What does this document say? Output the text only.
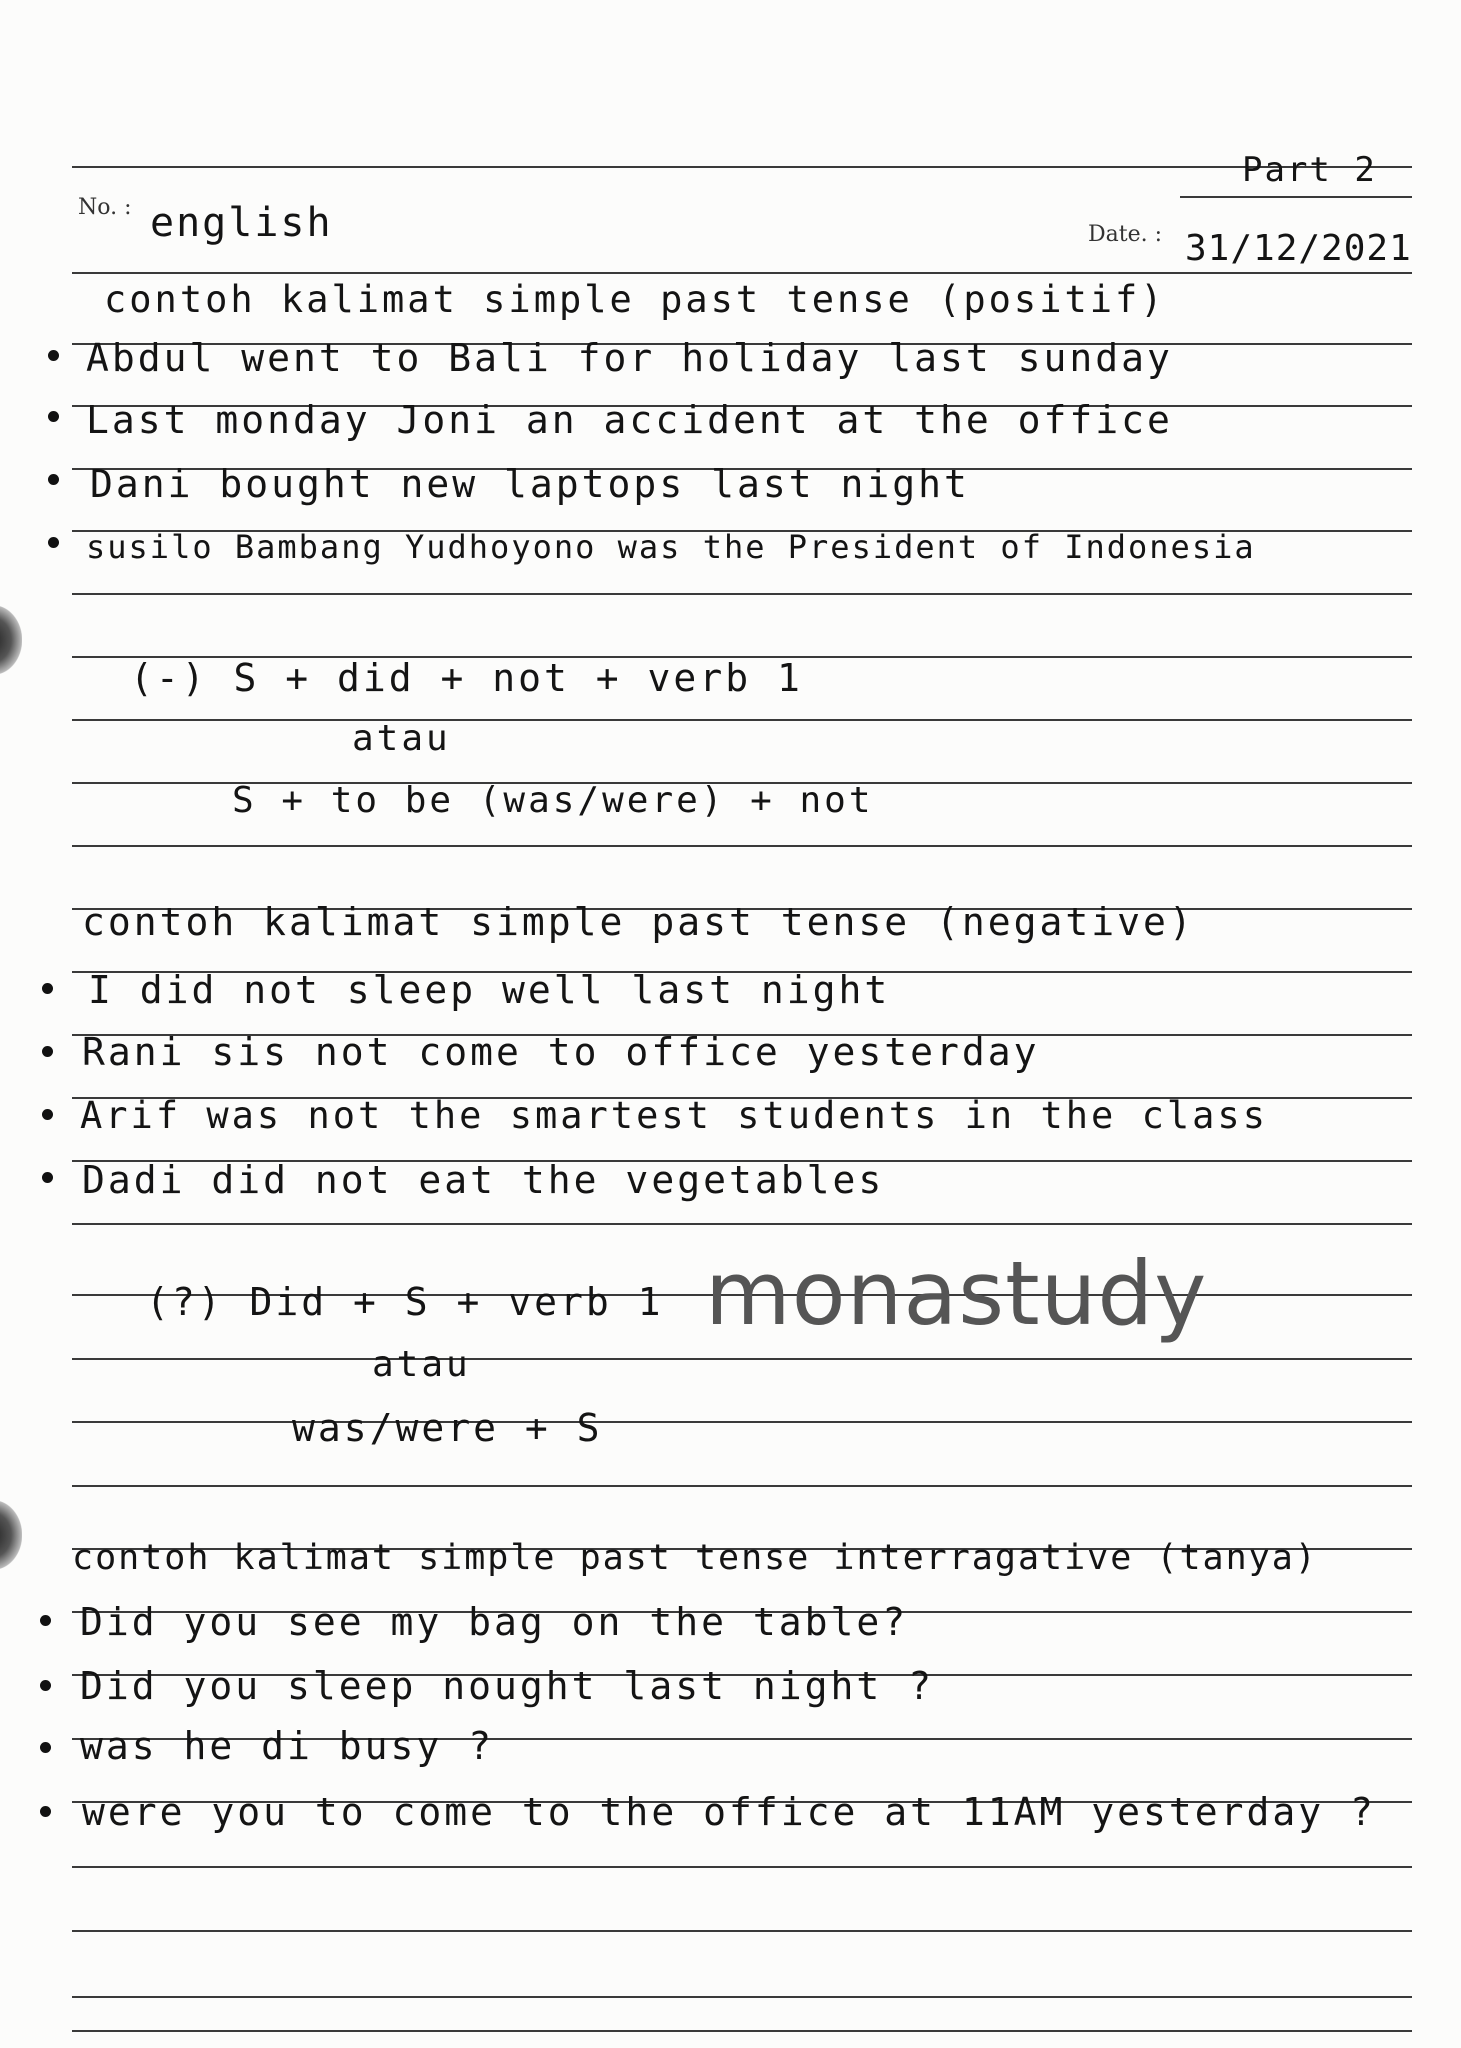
Part 2
No. : english	Date. : 31/12/2021
contoh kalimat simple past tense (positif)
Abdul went to Bali for holiday last sunday
Last monday Joni an accident at the office
Dani bought new laptops last night
susilo Bambang Yudhoyono was the President of Indonesia
(-) S + did + not + verb 1
atau
S + to be (was/were) + not
contoh kalimat simple past tense (negative)
I did not sleep well last night
Rani sis not come to office yesterday
Arif was not the smartest students in the class
Dadi did not eat the vegetables
(?) Did + S + verb 1
atau
was/were + S
monastudy
contoh kalimat simple past tense interragative (tanya)
Did you see my bag on the table?
Did you sleep nought last night ?
was he di busy ?
were you to come to the office at 11AM yesterday ?
